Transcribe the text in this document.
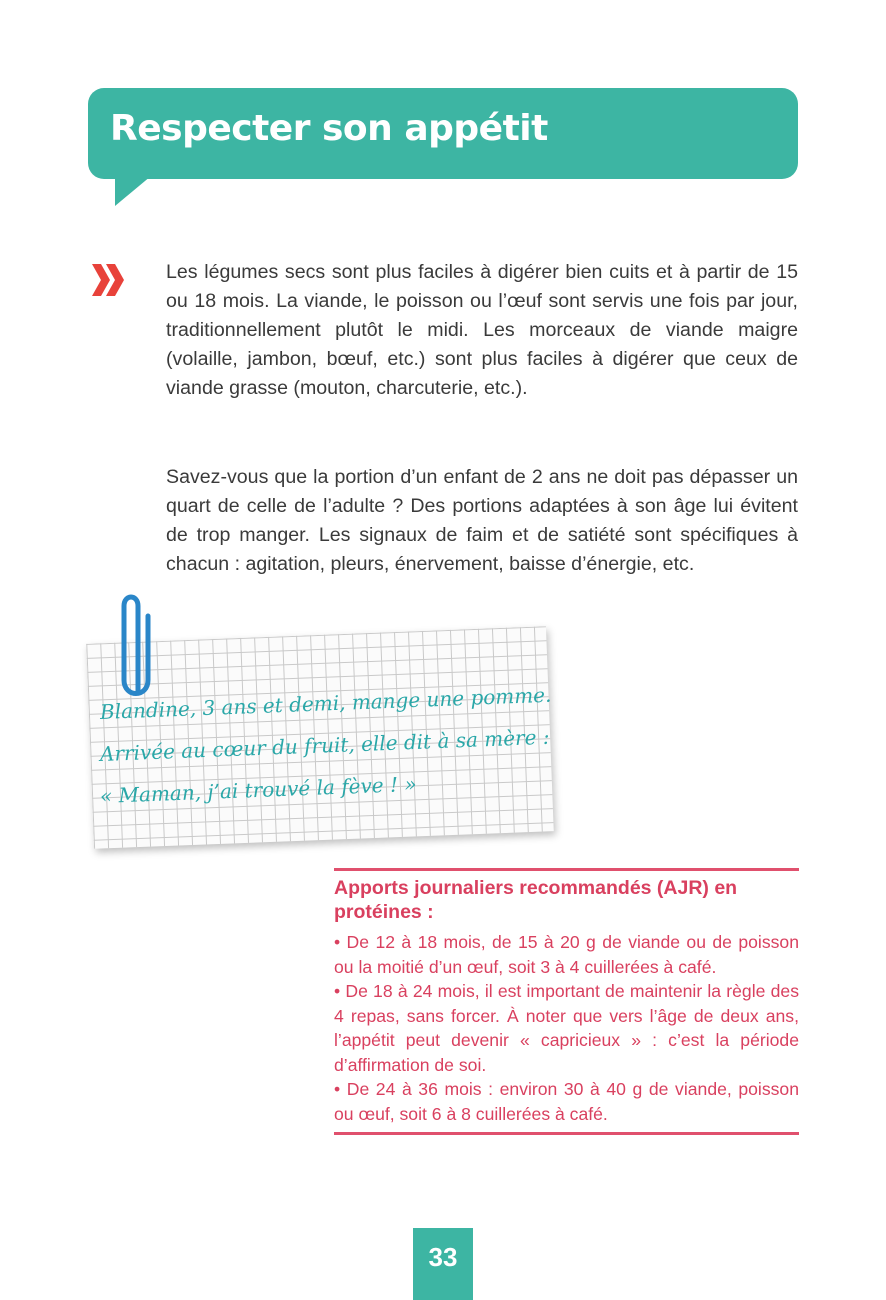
Respecter son appétit

Les légumes secs sont plus faciles à digérer bien cuits et à partir de 15 ou 18 mois. La viande, le poisson ou l’œuf sont servis une fois par jour, traditionnellement plutôt le midi. Les morceaux de viande maigre (volaille, jambon, bœuf, etc.) sont plus faciles à digérer que ceux de viande grasse (mouton, charcuterie, etc.).

Savez-vous que la portion d’un enfant de 2 ans ne doit pas dépasser un quart de celle de l’adulte ? Des portions adaptées à son âge lui évitent de trop manger. Les signaux de faim et de satiété sont spécifiques à chacun : agitation, pleurs, énervement, baisse d’énergie, etc.

Blandine, 3 ans et demi, mange une pomme.

Arrivée au cœur du fruit, elle dit à sa mère :

« Maman, j’ai trouvé la fève ! »

Apports journaliers recommandés (AJR) en protéines :

• De 12 à 18 mois, de 15 à 20 g de viande ou de poisson ou la moitié d’un œuf, soit 3 à 4 cuillerées à café.

• De 18 à 24 mois, il est important de maintenir la règle des 4 repas, sans forcer. À noter que vers l’âge de deux ans, l’appétit peut devenir « capricieux » : c’est la période d’affirmation de soi.

• De 24 à 36 mois : environ 30 à 40 g de viande, poisson ou œuf, soit 6 à 8 cuillerées à café.

33
